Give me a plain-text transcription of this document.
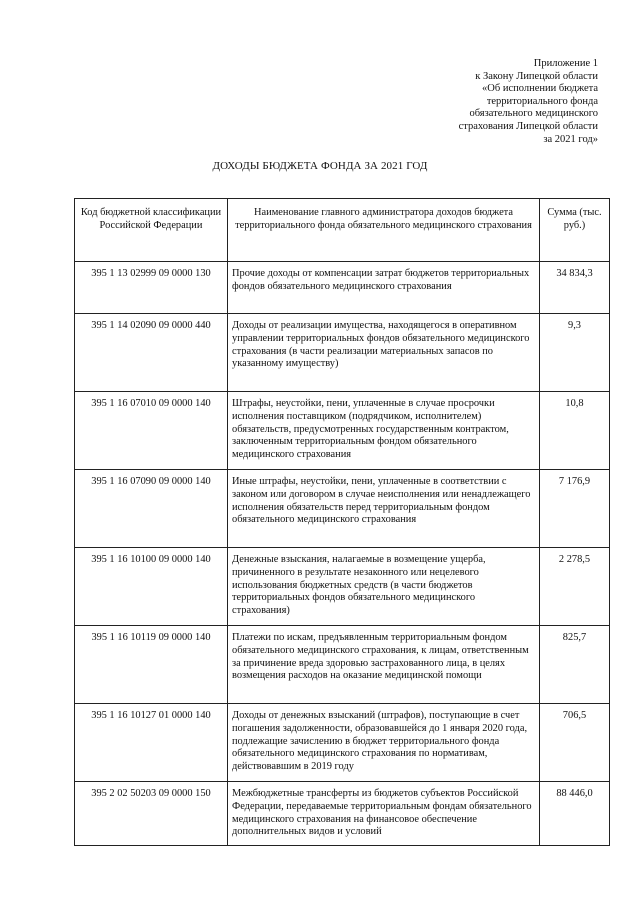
Приложение 1
к Закону Липецкой области
«Об исполнении бюджета
территориального фонда
обязательного медицинского
страхования Липецкой области
за 2021 год»
ДОХОДЫ БЮДЖЕТА ФОНДА ЗА 2021 ГОД
Код бюджетной классификации Российской Федерации	Наименование главного администратора доходов бюджета территориального фонда обязательного медицинского страхования	Сумма (тыс. руб.)
395 1 13 02999 09 0000 130	Прочие доходы от компенсации затрат бюджетов территориальных фондов обязательного медицинского страхования	34 834,3
395 1 14 02090 09 0000 440	Доходы от реализации имущества, находящегося в оперативном управлении территориальных фондов обязательного медицинского страхования (в части реализации материальных запасов по указанному имуществу)	9,3
395 1 16 07010 09 0000 140	Штрафы, неустойки, пени, уплаченные в случае просрочки исполнения поставщиком (подрядчиком, исполнителем) обязательств, предусмотренных государственным контрактом, заключенным территориальным фондом обязательного медицинского страхования	10,8
395 1 16 07090 09 0000 140	Иные штрафы, неустойки, пени, уплаченные в соответствии с законом или договором в случае неисполнения или ненадлежащего исполнения обязательств перед территориальным фондом обязательного медицинского страхования	7 176,9
395 1 16 10100 09 0000 140	Денежные взыскания, налагаемые в возмещение ущерба, причиненного в результате незаконного или нецелевого использования бюджетных средств (в части бюджетов территориальных фондов обязательного медицинского страхования)	2 278,5
395 1 16 10119 09 0000 140	Платежи по искам, предъявленным территориальным фондом обязательного медицинского страхования, к лицам, ответственным за причинение вреда здоровью застрахованного лица, в целях возмещения расходов на оказание медицинской помощи	825,7
395 1 16 10127 01 0000 140	Доходы от денежных взысканий (штрафов), поступающие в счет погашения задолженности, образовавшейся до 1 января 2020 года, подлежащие зачислению в бюджет территориального фонда обязательного медицинского страхования по нормативам, действовавшим в 2019 году	706,5
395 2 02 50203 09 0000 150	Межбюджетные трансферты из бюджетов субъектов Российской Федерации, передаваемые территориальным фондам обязательного медицинского страхования на финансовое обеспечение дополнительных видов и условий	88 446,0
